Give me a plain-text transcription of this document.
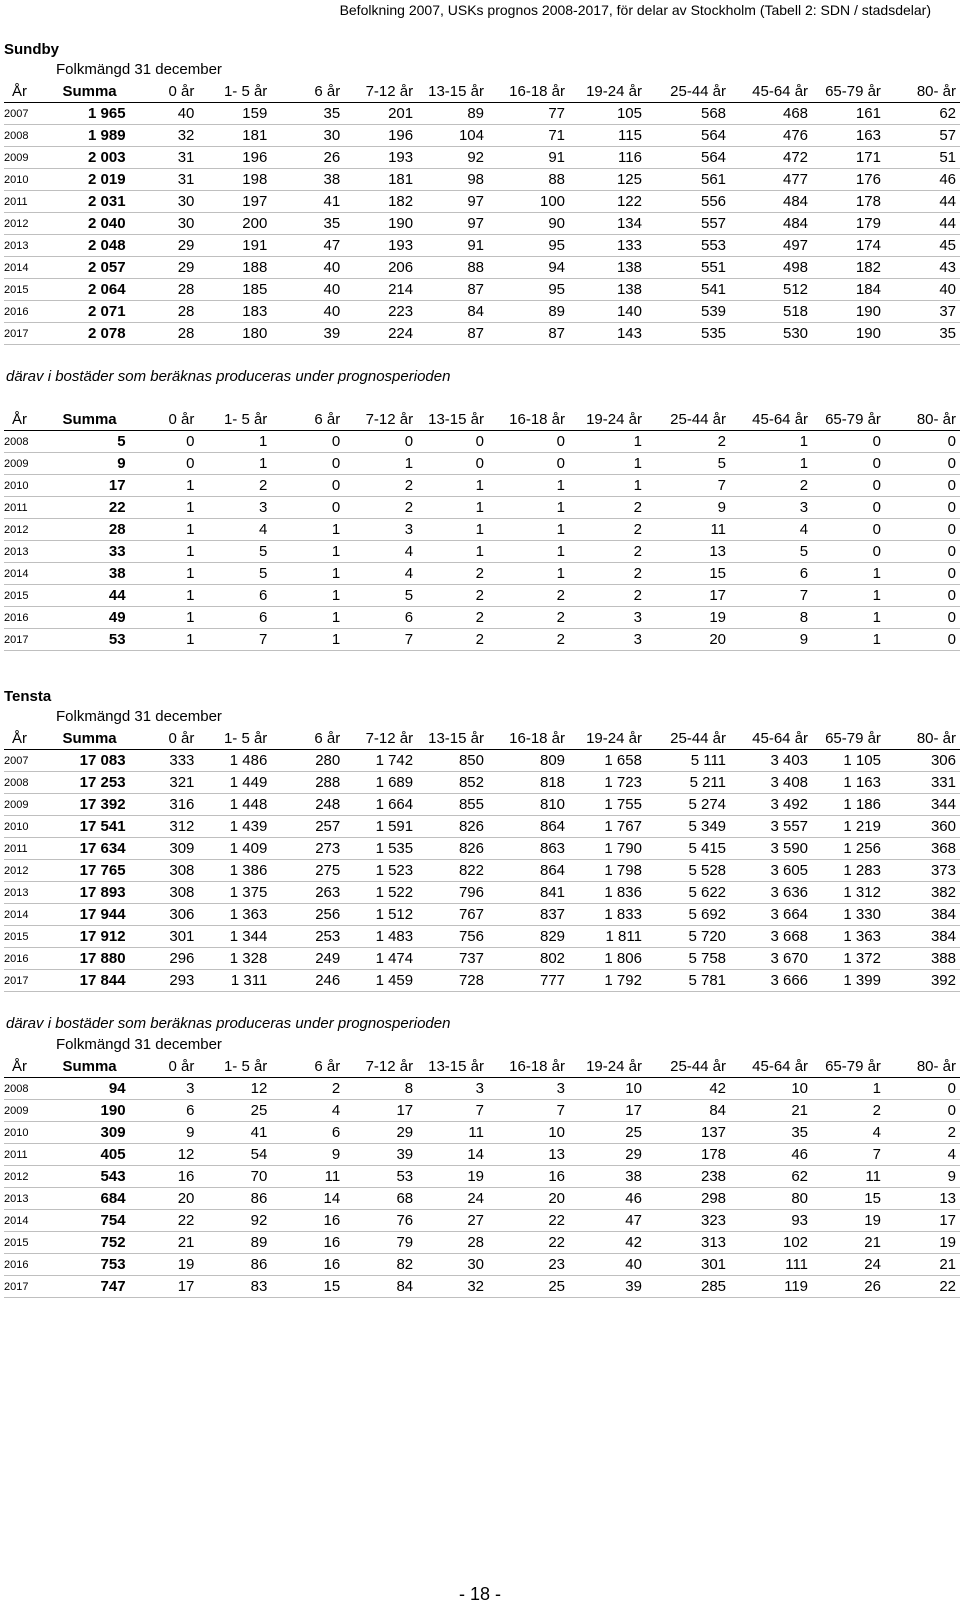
Befolkning 2007, USKs prognos 2008-2017, för delar av Stockholm (Tabell 2: SDN / stadsdelar)
Sundby
Folkmängd 31 december
År	Summa	0 år	1- 5 år	6 år	7-12 år	13-15 år	16-18 år	19-24 år	25-44 år	45-64 år	65-79 år	80- år
2007	1 965	40	159	35	201	89	77	105	568	468	161	62
2008	1 989	32	181	30	196	104	71	115	564	476	163	57
2009	2 003	31	196	26	193	92	91	116	564	472	171	51
2010	2 019	31	198	38	181	98	88	125	561	477	176	46
2011	2 031	30	197	41	182	97	100	122	556	484	178	44
2012	2 040	30	200	35	190	97	90	134	557	484	179	44
2013	2 048	29	191	47	193	91	95	133	553	497	174	45
2014	2 057	29	188	40	206	88	94	138	551	498	182	43
2015	2 064	28	185	40	214	87	95	138	541	512	184	40
2016	2 071	28	183	40	223	84	89	140	539	518	190	37
2017	2 078	28	180	39	224	87	87	143	535	530	190	35
därav i bostäder som beräknas produceras under prognosperioden
År	Summa	0 år	1- 5 år	6 år	7-12 år	13-15 år	16-18 år	19-24 år	25-44 år	45-64 år	65-79 år	80- år
2008	5	0	1	0	0	0	0	1	2	1	0	0
2009	9	0	1	0	1	0	0	1	5	1	0	0
2010	17	1	2	0	2	1	1	1	7	2	0	0
2011	22	1	3	0	2	1	1	2	9	3	0	0
2012	28	1	4	1	3	1	1	2	11	4	0	0
2013	33	1	5	1	4	1	1	2	13	5	0	0
2014	38	1	5	1	4	2	1	2	15	6	1	0
2015	44	1	6	1	5	2	2	2	17	7	1	0
2016	49	1	6	1	6	2	2	3	19	8	1	0
2017	53	1	7	1	7	2	2	3	20	9	1	0
Tensta
Folkmängd 31 december
År	Summa	0 år	1- 5 år	6 år	7-12 år	13-15 år	16-18 år	19-24 år	25-44 år	45-64 år	65-79 år	80- år
2007	17 083	333	1 486	280	1 742	850	809	1 658	5 111	3 403	1 105	306
2008	17 253	321	1 449	288	1 689	852	818	1 723	5 211	3 408	1 163	331
2009	17 392	316	1 448	248	1 664	855	810	1 755	5 274	3 492	1 186	344
2010	17 541	312	1 439	257	1 591	826	864	1 767	5 349	3 557	1 219	360
2011	17 634	309	1 409	273	1 535	826	863	1 790	5 415	3 590	1 256	368
2012	17 765	308	1 386	275	1 523	822	864	1 798	5 528	3 605	1 283	373
2013	17 893	308	1 375	263	1 522	796	841	1 836	5 622	3 636	1 312	382
2014	17 944	306	1 363	256	1 512	767	837	1 833	5 692	3 664	1 330	384
2015	17 912	301	1 344	253	1 483	756	829	1 811	5 720	3 668	1 363	384
2016	17 880	296	1 328	249	1 474	737	802	1 806	5 758	3 670	1 372	388
2017	17 844	293	1 311	246	1 459	728	777	1 792	5 781	3 666	1 399	392
därav i bostäder som beräknas produceras under prognosperioden
Folkmängd 31 december
År	Summa	0 år	1- 5 år	6 år	7-12 år	13-15 år	16-18 år	19-24 år	25-44 år	45-64 år	65-79 år	80- år
2008	94	3	12	2	8	3	3	10	42	10	1	0
2009	190	6	25	4	17	7	7	17	84	21	2	0
2010	309	9	41	6	29	11	10	25	137	35	4	2
2011	405	12	54	9	39	14	13	29	178	46	7	4
2012	543	16	70	11	53	19	16	38	238	62	11	9
2013	684	20	86	14	68	24	20	46	298	80	15	13
2014	754	22	92	16	76	27	22	47	323	93	19	17
2015	752	21	89	16	79	28	22	42	313	102	21	19
2016	753	19	86	16	82	30	23	40	301	111	24	21
2017	747	17	83	15	84	32	25	39	285	119	26	22
- 18 -
